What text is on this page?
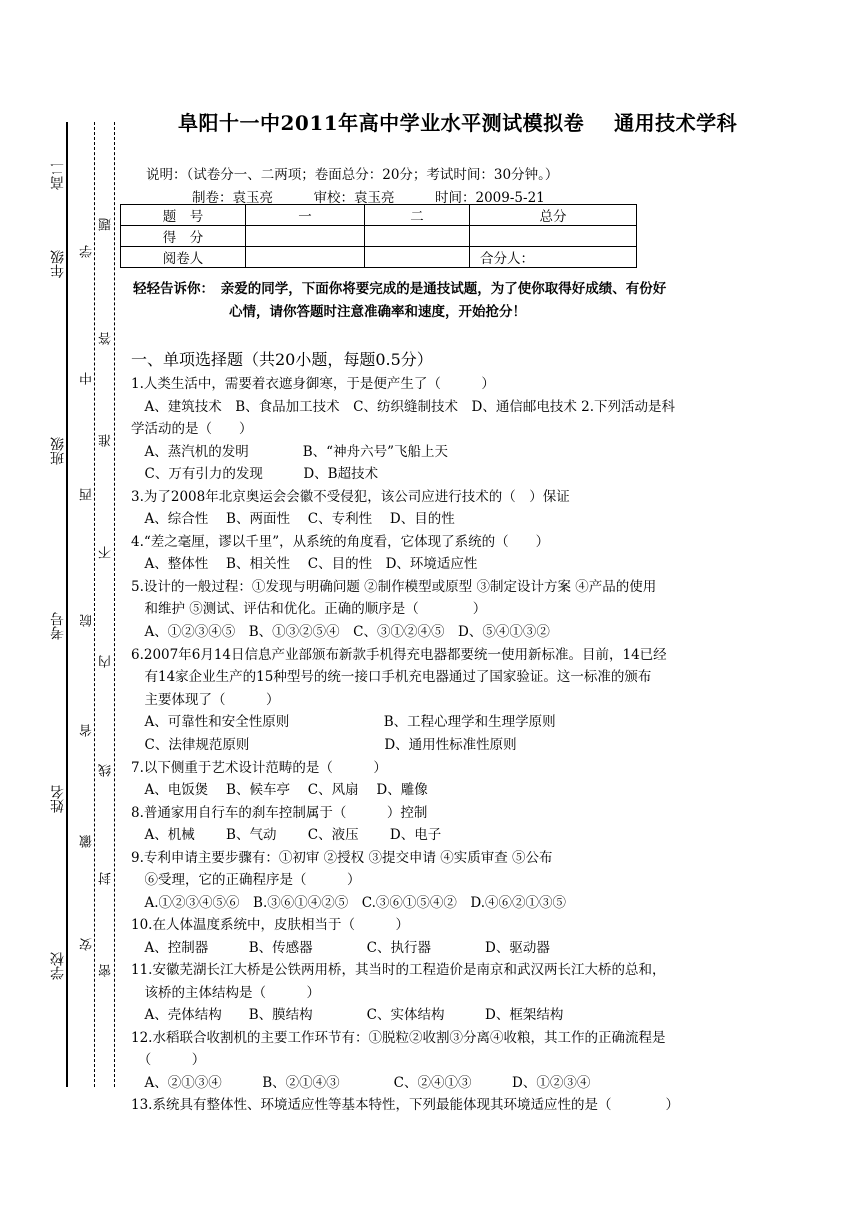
年级
高二
班级
考号
姓名
学校
学
题
答
中
准
西
不
皖
内
省
线
徽
封
安
密
阜阳十一中2011年高中学业水平测试模拟卷 通用技术学科
说明：（试卷分一、二两项；卷面总分：20分；考试时间：30分钟。）
制卷：袁玉亮　　　审校：袁玉亮　　　时间：2009-5-21
题　号	一	二	总分
得　分			
阅卷人			合分人：
轻轻告诉你：　亲爱的同学，下面你将要完成的是通技试题，为了使你取得好成绩、有份好
心情，请你答题时注意准确率和速度，开始抢分！
一、单项选择题（共20小题，每题0.5分）
1.人类生活中，需要着衣遮身御寒，于是便产生了（　　　）
　A、建筑技术　B、食品加工技术　C、纺织缝制技术　D、通信邮电技术 2.下列活动是科
学活动的是（　　）
　A、蒸汽机的发明　　　　B、“神舟六号”飞船上天
　C、万有引力的发现　　　D、B超技术
3.为了2008年北京奥运会会徽不受侵犯，该公司应进行技术的（　）保证
　A、综合性　 B、两面性　 C、专利性　 D、目的性
4.“差之毫厘，谬以千里”，从系统的角度看，它体现了系统的（　　）
　A、整体性　 B、相关性　 C、目的性　D、环境适应性
5.设计的一般过程：①发现与明确问题 ②制作模型或原型 ③制定设计方案 ④产品的使用
　和维护 ⑤测试、评估和优化。正确的顺序是（　　　　）
　A、①②③④⑤　B、①③②⑤④　C、③①②④⑤　D、⑤④①③②
6.2007年6月14日信息产业部颁布新款手机得充电器都要统一使用新标准。目前，14已经
　有14家企业生产的15种型号的统一接口手机充电器通过了国家验证。这一标准的颁布
　主要体现了（　　　）
　A、可靠性和安全性原则　　　　　　　B、工程心理学和生理学原则
　C、法律规范原则　　　　　　　　　　D、通用性标准性原则
7.以下侧重于艺术设计范畴的是（　　　）
　A、电饭煲　 B、候车亭　 C、风扇　 D、雕像
8.普通家用自行车的刹车控制属于（　　　）控制
　A、机械　　 B、气动　　 C、液压　　 D、电子
9.专利申请主要步骤有：①初审 ②授权 ③提交申请 ④实质审查 ⑤公布
　⑥受理，它的正确程序是（　　　）
　A.①②③④⑤⑥　B.③⑥①④②⑤　C.③⑥①⑤④②　D.④⑥②①③⑤
10.在人体温度系统中，皮肤相当于（　　　）
　A、控制器　　　B、传感器　　　　C、执行器　　　　D、驱动器
11.安徽芜湖长江大桥是公铁两用桥，其当时的工程造价是南京和武汉两长江大桥的总和，
　该桥的主体结构是（　　　）
　A、壳体结构　　B、膜结构　　　　C、实体结构　　　D、框架结构
12.水稻联合收割机的主要工作环节有：①脱粒②收割③分离④收粮，其工作的正确流程是
　（　　　）
　A、②①③④　　　B、②①④③　　　　C、②④①③　　　D、①②③④
13.系统具有整体性、环境适应性等基本特性，下列最能体现其环境适应性的是（　　　　）
